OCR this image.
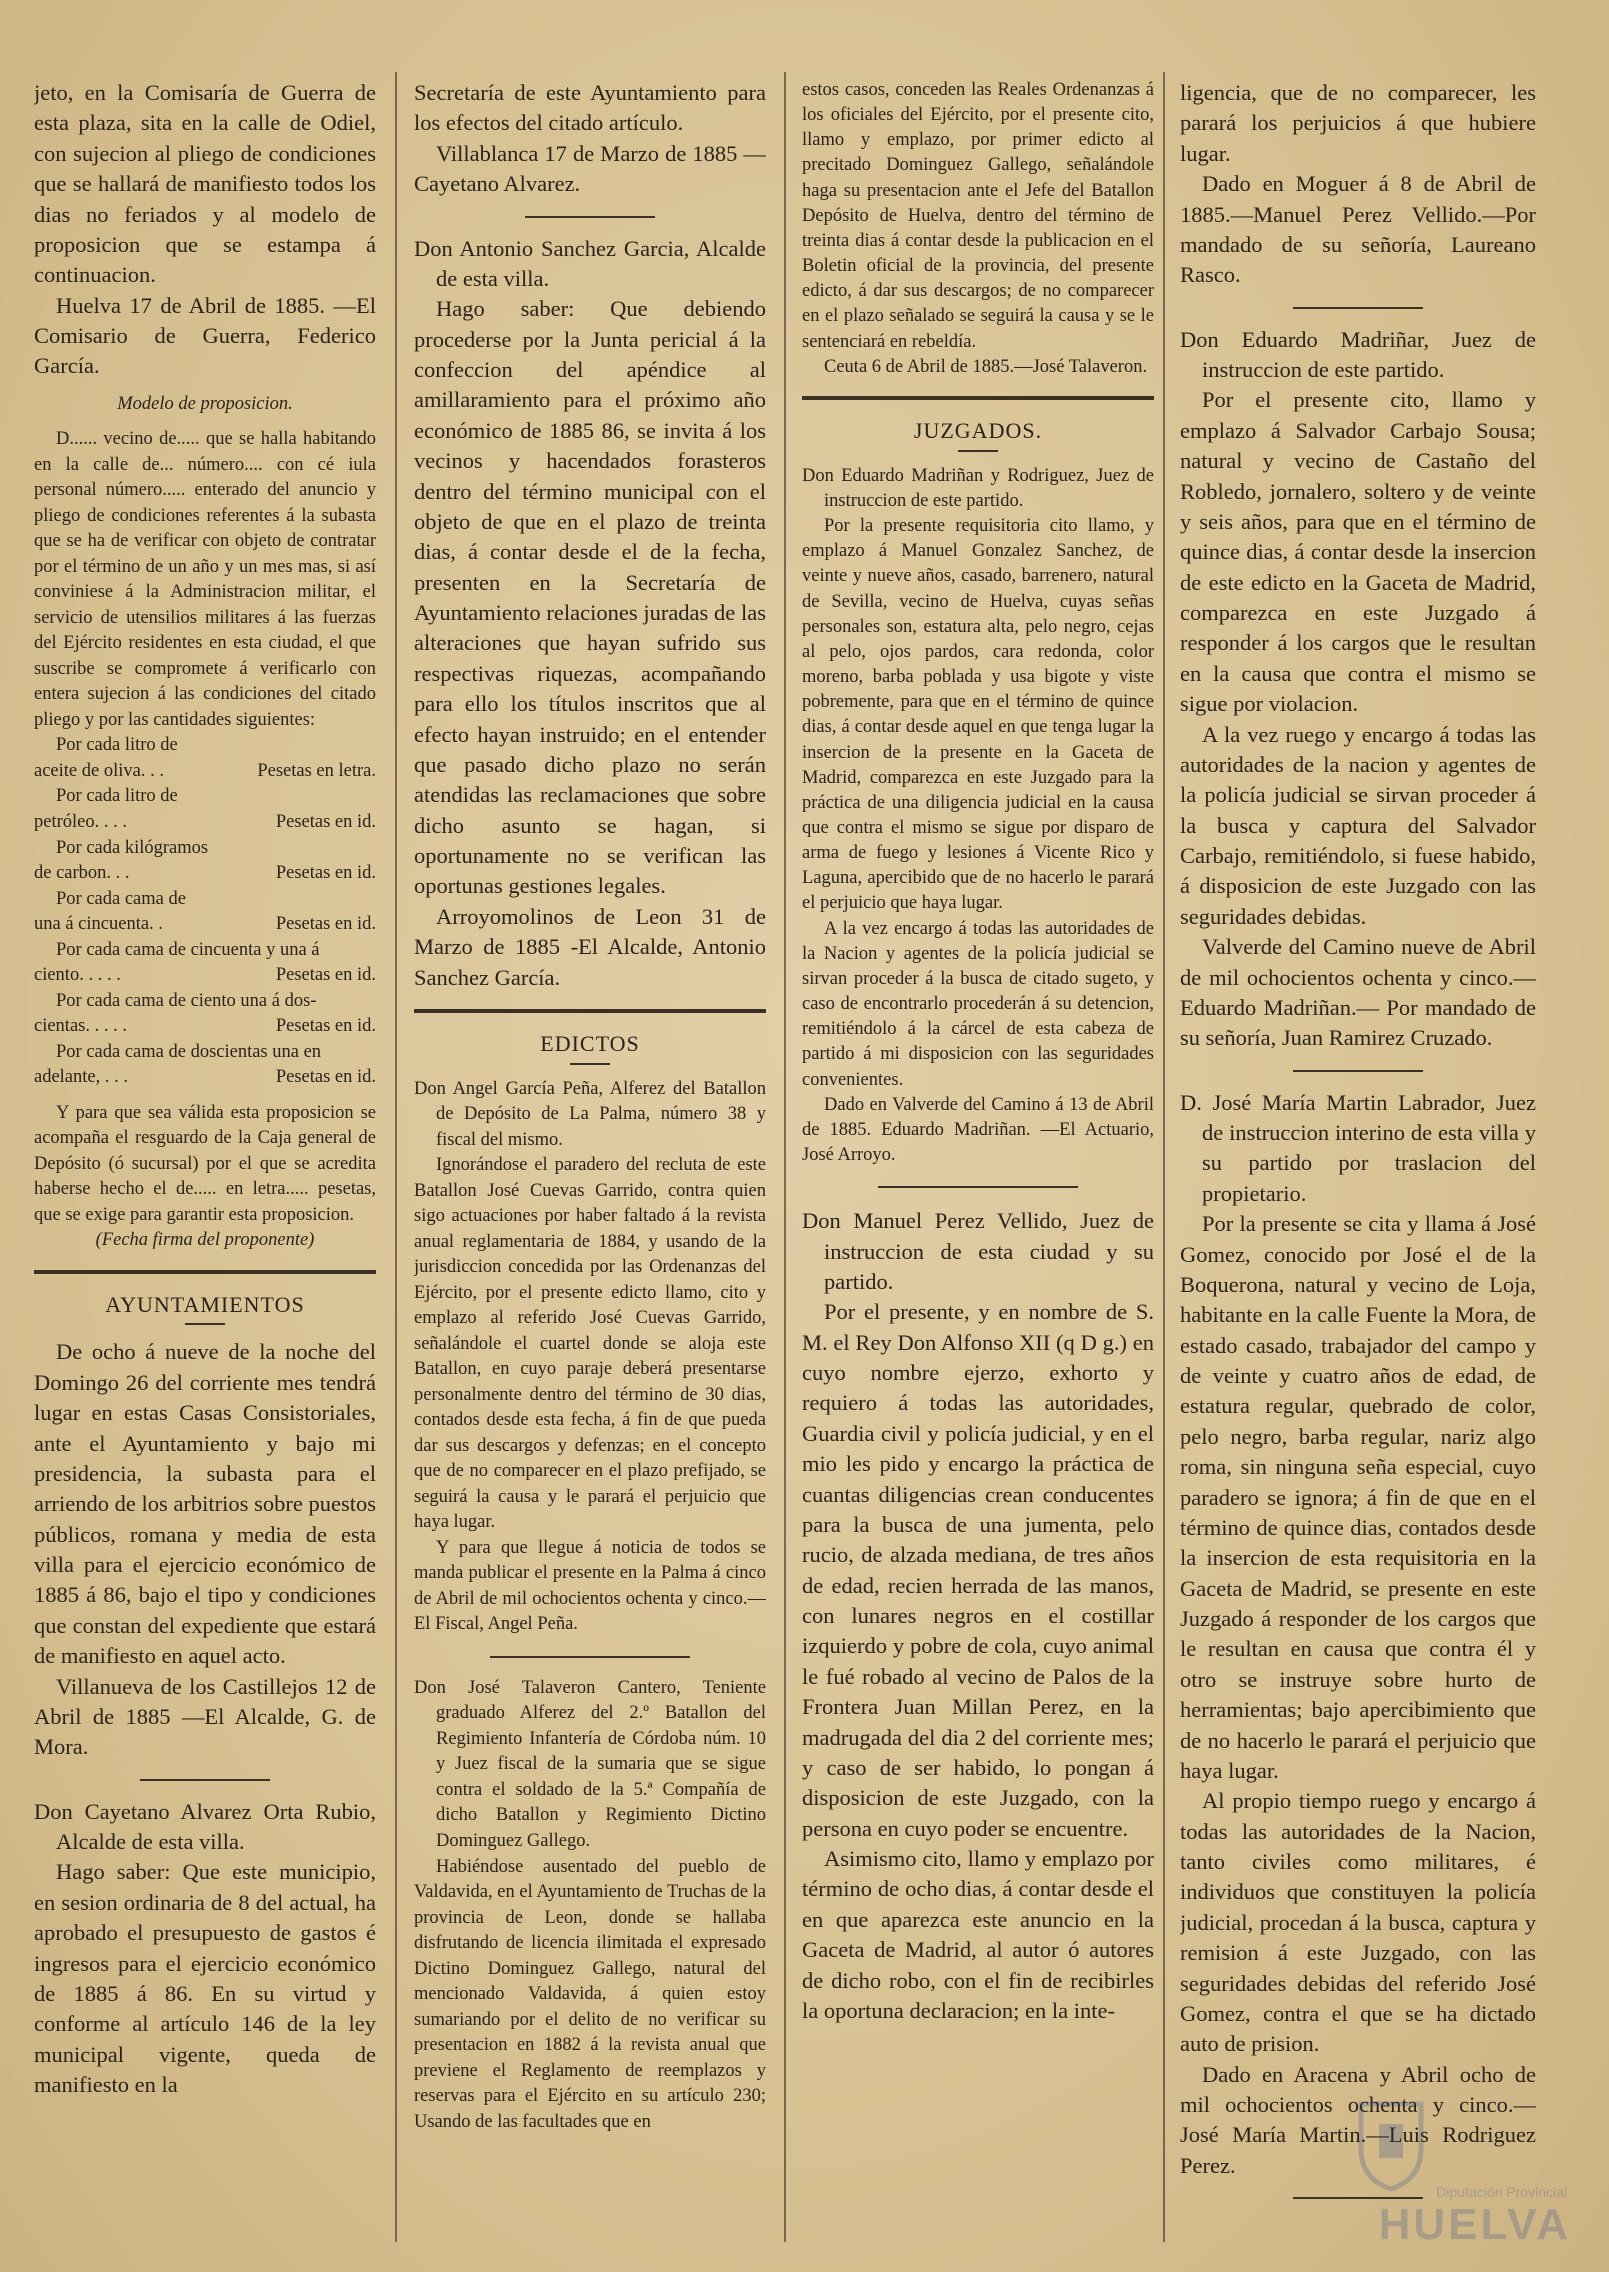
jeto, en la Comisaría de Guerra de esta plaza, sita en la calle de Odiel, con sujecion al pliego de condiciones que se hallará de manifiesto todos los dias no feriados y al modelo de proposicion que se estampa á continuacion.

Huelva 17 de Abril de 1885. —El Comisario de Guerra, Federico García.

Modelo de proposicion.

D...... vecino de..... que se halla habitando en la calle de... número.... con cé iula personal número..... enterado del anuncio y pliego de condiciones referentes á la subasta que se ha de verificar con objeto de contratar por el término de un año y un mes mas, si así conviniese á la Administracion militar, el servicio de utensilios militares á las fuerzas del Ejército residentes en esta ciudad, el que suscribe se compromete á verificarlo con entera sujecion á las condiciones del citado pliego y por las cantidades siguientes:

Por cada litro de

aceite de oliva. . .	Pesetas en letra.

Por cada litro de

petróleo. . . .	Pesetas en id.

Por cada kilógramos

de carbon. . .	Pesetas en id.

Por cada cama de

una á cincuenta. .	Pesetas en id.

Por cada cama de cincuenta y una á

ciento. . . . .	Pesetas en id.

Por cada cama de ciento una á dos-

cientas. . . . .	Pesetas en id.

Por cada cama de doscientas una en

adelante, . . .	Pesetas en id.

Y para que sea válida esta proposicion se acompaña el resguardo de la Caja general de Depósito (ó sucursal) por el que se acredita haberse hecho el de..... en letra..... pesetas, que se exige para garantir esta proposicion.

(Fecha firma del proponente)

AYUNTAMIENTOS

De ocho á nueve de la noche del Domingo 26 del corriente mes tendrá lugar en estas Casas Consistoriales, ante el Ayuntamiento y bajo mi presidencia, la subasta para el arriendo de los arbitrios sobre puestos públicos, romana y media de esta villa para el ejercicio económico de 1885 á 86, bajo el tipo y condiciones que constan del expediente que estará de manifiesto en aquel acto.

Villanueva de los Castillejos 12 de Abril de 1885 —El Alcalde, G. de Mora.

Don Cayetano Alvarez Orta Rubio, Alcalde de esta villa.

Hago saber: Que este municipio, en sesion ordinaria de 8 del actual, ha aprobado el presupuesto de gastos é ingresos para el ejercicio económico de 1885 á 86. En su virtud y conforme al artículo 146 de la ley municipal vigente, queda de manifiesto en la

Secretaría de este Ayuntamiento para los efectos del citado artículo.

Villablanca 17 de Marzo de 1885 —Cayetano Alvarez.

Don Antonio Sanchez Garcia, Alcalde de esta villa.

Hago saber: Que debiendo procederse por la Junta pericial á la confeccion del apéndice al amillaramiento para el próximo año económico de 1885 86, se invita á los vecinos y hacendados forasteros dentro del término municipal con el objeto de que en el plazo de treinta dias, á contar desde el de la fecha, presenten en la Secretaría de Ayuntamiento relaciones juradas de las alteraciones que hayan sufrido sus respectivas riquezas, acompañando para ello los títulos inscritos que al efecto hayan instruido; en el entender que pasado dicho plazo no serán atendidas las reclamaciones que sobre dicho asunto se hagan, si oportunamente no se verifican las oportunas gestiones legales.

Arroyomolinos de Leon 31 de Marzo de 1885 -El Alcalde, Antonio Sanchez García.

EDICTOS

Don Angel García Peña, Alferez del Batallon de Depósito de La Palma, número 38 y fiscal del mismo.

Ignorándose el paradero del recluta de este Batallon José Cuevas Garrido, contra quien sigo actuaciones por haber faltado á la revista anual reglamentaria de 1884, y usando de la jurisdiccion concedida por las Ordenanzas del Ejército, por el presente edicto llamo, cito y emplazo al referido José Cuevas Garrido, señalándole el cuartel donde se aloja este Batallon, en cuyo paraje deberá presentarse personalmente dentro del término de 30 dias, contados desde esta fecha, á fin de que pueda dar sus descargos y defenzas; en el concepto que de no comparecer en el plazo prefijado, se seguirá la causa y le parará el perjuicio que haya lugar.

Y para que llegue á noticia de todos se manda publicar el presente en la Palma á cinco de Abril de mil ochocientos ochenta y cinco.— El Fiscal, Angel Peña.

Don José Talaveron Cantero, Teniente graduado Alferez del 2.º Batallon del Regimiento Infantería de Córdoba núm. 10 y Juez fiscal de la sumaria que se sigue contra el soldado de la 5.ª Compañía de dicho Batallon y Regimiento Dictino Dominguez Gallego.

Habiéndose ausentado del pueblo de Valdavida, en el Ayuntamiento de Truchas de la provincia de Leon, donde se hallaba disfrutando de licencia ilimitada el expresado Dictino Dominguez Gallego, natural del mencionado Valdavida, á quien estoy sumariando por el delito de no verificar su presentacion en 1882 á la revista anual que previene el Reglamento de reemplazos y reservas para el Ejército en su artículo 230; Usando de las facultades que en

estos casos, conceden las Reales Ordenanzas á los oficiales del Ejército, por el presente cito, llamo y emplazo, por primer edicto al precitado Dominguez Gallego, señalándole haga su presentacion ante el Jefe del Batallon Depósito de Huelva, dentro del término de treinta dias á contar desde la publicacion en el Boletin oficial de la provincia, del presente edicto, á dar sus descargos; de no comparecer en el plazo señalado se seguirá la causa y se le sentenciará en rebeldía.

Ceuta 6 de Abril de 1885.—José Talaveron.

JUZGADOS.

Don Eduardo Madriñan y Rodriguez, Juez de instruccion de este partido.

Por la presente requisitoria cito llamo, y emplazo á Manuel Gonzalez Sanchez, de veinte y nueve años, casado, barrenero, natural de Sevilla, vecino de Huelva, cuyas señas personales son, estatura alta, pelo negro, cejas al pelo, ojos pardos, cara redonda, color moreno, barba poblada y usa bigote y viste pobremente, para que en el término de quince dias, á contar desde aquel en que tenga lugar la insercion de la presente en la Gaceta de Madrid, comparezca en este Juzgado para la práctica de una diligencia judicial en la causa que contra el mismo se sigue por disparo de arma de fuego y lesiones á Vicente Rico y Laguna, apercibido que de no hacerlo le parará el perjuicio que haya lugar.

A la vez encargo á todas las autoridades de la Nacion y agentes de la policía judicial se sirvan proceder á la busca de citado sugeto, y caso de encontrarlo procederán á su detencion, remitiéndolo á la cárcel de esta cabeza de partido á mi disposicion con las seguridades convenientes.

Dado en Valverde del Camino á 13 de Abril de 1885. Eduardo Madriñan. —El Actuario, José Arroyo.

Don Manuel Perez Vellido, Juez de instruccion de esta ciudad y su partido.

Por el presente, y en nombre de S. M. el Rey Don Alfonso XII (q D g.) en cuyo nombre ejerzo, exhorto y requiero á todas las autoridades, Guardia civil y policía judicial, y en el mio les pido y encargo la práctica de cuantas diligencias crean conducentes para la busca de una jumenta, pelo rucio, de alzada mediana, de tres años de edad, recien herrada de las manos, con lunares negros en el costillar izquierdo y pobre de cola, cuyo animal le fué robado al vecino de Palos de la Frontera Juan Millan Perez, en la madrugada del dia 2 del corriente mes; y caso de ser habido, lo pongan á disposicion de este Juzgado, con la persona en cuyo poder se encuentre.

Asimismo cito, llamo y emplazo por término de ocho dias, á contar desde el en que aparezca este anuncio en la Gaceta de Madrid, al autor ó autores de dicho robo, con el fin de recibirles la oportuna declaracion; en la inte-

ligencia, que de no comparecer, les parará los perjuicios á que hubiere lugar.

Dado en Moguer á 8 de Abril de 1885.—Manuel Perez Vellido.—Por mandado de su señoría, Laureano Rasco.

Don Eduardo Madriñar, Juez de instruccion de este partido.

Por el presente cito, llamo y emplazo á Salvador Carbajo Sousa; natural y vecino de Castaño del Robledo, jornalero, soltero y de veinte y seis años, para que en el término de quince dias, á contar desde la insercion de este edicto en la Gaceta de Madrid, comparezca en este Juzgado á responder á los cargos que le resultan en la causa que contra el mismo se sigue por violacion.

A la vez ruego y encargo á todas las autoridades de la nacion y agentes de la policía judicial se sirvan proceder á la busca y captura del Salvador Carbajo, remitiéndolo, si fuese habido, á disposicion de este Juzgado con las seguridades debidas.

Valverde del Camino nueve de Abril de mil ochocientos ochenta y cinco.—Eduardo Madriñan.— Por mandado de su señoría, Juan Ramirez Cruzado.

D. José María Martin Labrador, Juez de instruccion interino de esta villa y su partido por traslacion del propietario.

Por la presente se cita y llama á José Gomez, conocido por José el de la Boquerona, natural y vecino de Loja, habitante en la calle Fuente la Mora, de estado casado, trabajador del campo y de veinte y cuatro años de edad, de estatura regular, quebrado de color, pelo negro, barba regular, nariz algo roma, sin ninguna seña especial, cuyo paradero se ignora; á fin de que en el término de quince dias, contados desde la insercion de esta requisitoria en la Gaceta de Madrid, se presente en este Juzgado á responder de los cargos que le resultan en causa que contra él y otro se instruye sobre hurto de herramientas; bajo apercibimiento que de no hacerlo le parará el perjuicio que haya lugar.

Al propio tiempo ruego y encargo á todas las autoridades de la Nacion, tanto civiles como militares, é individuos que constituyen la policía judicial, procedan á la busca, captura y remision á este Juzgado, con las seguridades debidas del referido José Gomez, contra el que se ha dictado auto de prision.

Dado en Aracena y Abril ocho de mil ochocientos ochenta y cinco.—José María Martin.—Luis Rodriguez Perez.

Diputación Provincial
HUELVA
